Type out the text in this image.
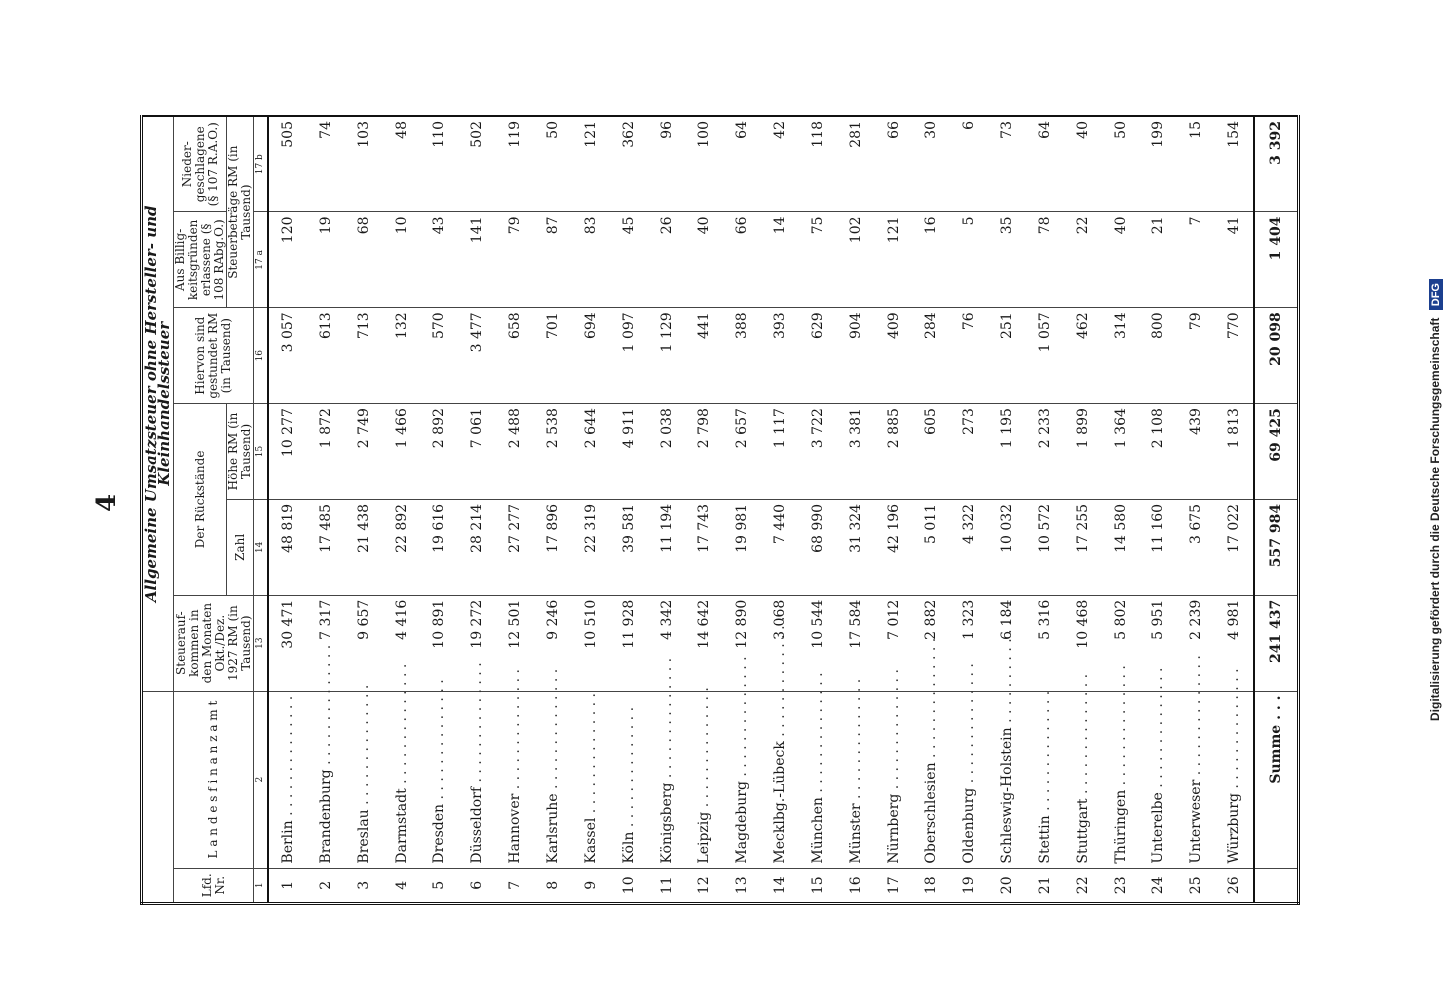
4	Digitalisierung gefördert durch die Deutsche Forschungsgemeinschaft DFG
		Allgemeine Umsatzsteuer ohne Hersteller- und Kleinhandelssteuer					
Lfd. Nr.	L a n d e s f i n a n z a m t	Steuerauf- kommen in den Monaten Okt./Dez. 1927 RM (in Tausend)	Der Rückstände		Hiervon sind gestundet RM (in Tausend)	Aus Billig- keitsgründen erlassene (§ 108 RAbg.O.)	Nieder- geschlagene (§ 107 R.A.O.)
			Zahl	Höhe RM (in Tausend)		Steuerbeträge RM (in Tausend)	
1	2	13	14	15	16	17 a	17 b
1	Berlin . . .	30 471	48 819	10 277	3 057	120	505
2	Brandenburg . . .	7 317	17 485	1 872	613	19	74
3	Breslau . . .	9 657	21 438	2 749	713	68	103
4	Darmstadt . . .	4 416	22 892	1 466	132	10	48
5	Dresden . . .	10 891	19 616	2 892	570	43	110
6	Düsseldorf . . .	19 272	28 214	7 061	3 477	141	502
7	Hannover . . .	12 501	27 277	2 488	658	79	119
8	Karlsruhe . . .	9 246	17 896	2 538	701	87	50
9	Kassel . . .	10 510	22 319	2 644	694	83	121
10	Köln . . .	11 928	39 581	4 911	1 097	45	362
11	Königsberg . . .	4 342	11 194	2 038	1 129	26	96
12	Leipzig . . .	14 642	17 743	2 798	441	40	100
13	Magdeburg . . .	12 890	19 981	2 657	388	66	64
14	Mecklbg.-Lübeck . . .	3 068	7 440	1 117	393	14	42
15	München . . .	10 544	68 990	3 722	629	75	118
16	Münster . . .	17 584	31 324	3 381	904	102	281
17	Nürnberg . . .	7 012	42 196	2 885	409	121	66
18	Oberschlesien . . .	2 882	5 011	605	284	16	30
19	Oldenburg . . .	1 323	4 322	273	76	5	6
20	Schleswig-Holstein . . .	6 184	10 032	1 195	251	35	73
21	Stettin . . .	5 316	10 572	2 233	1 057	78	64
22	Stuttgart . . .	10 468	17 255	1 899	462	22	40
23	Thüringen . . .	5 802	14 580	1 364	314	40	50
24	Unterelbe . . .	5 951	11 160	2 108	800	21	199
25	Unterweser . . .	2 239	3 675	439	79	7	15
26	Würzburg . . .	4 981	17 022	1 813	770	41	154
	Summe . . .	241 437	557 984	69 425	20 098	1 404	3 392
